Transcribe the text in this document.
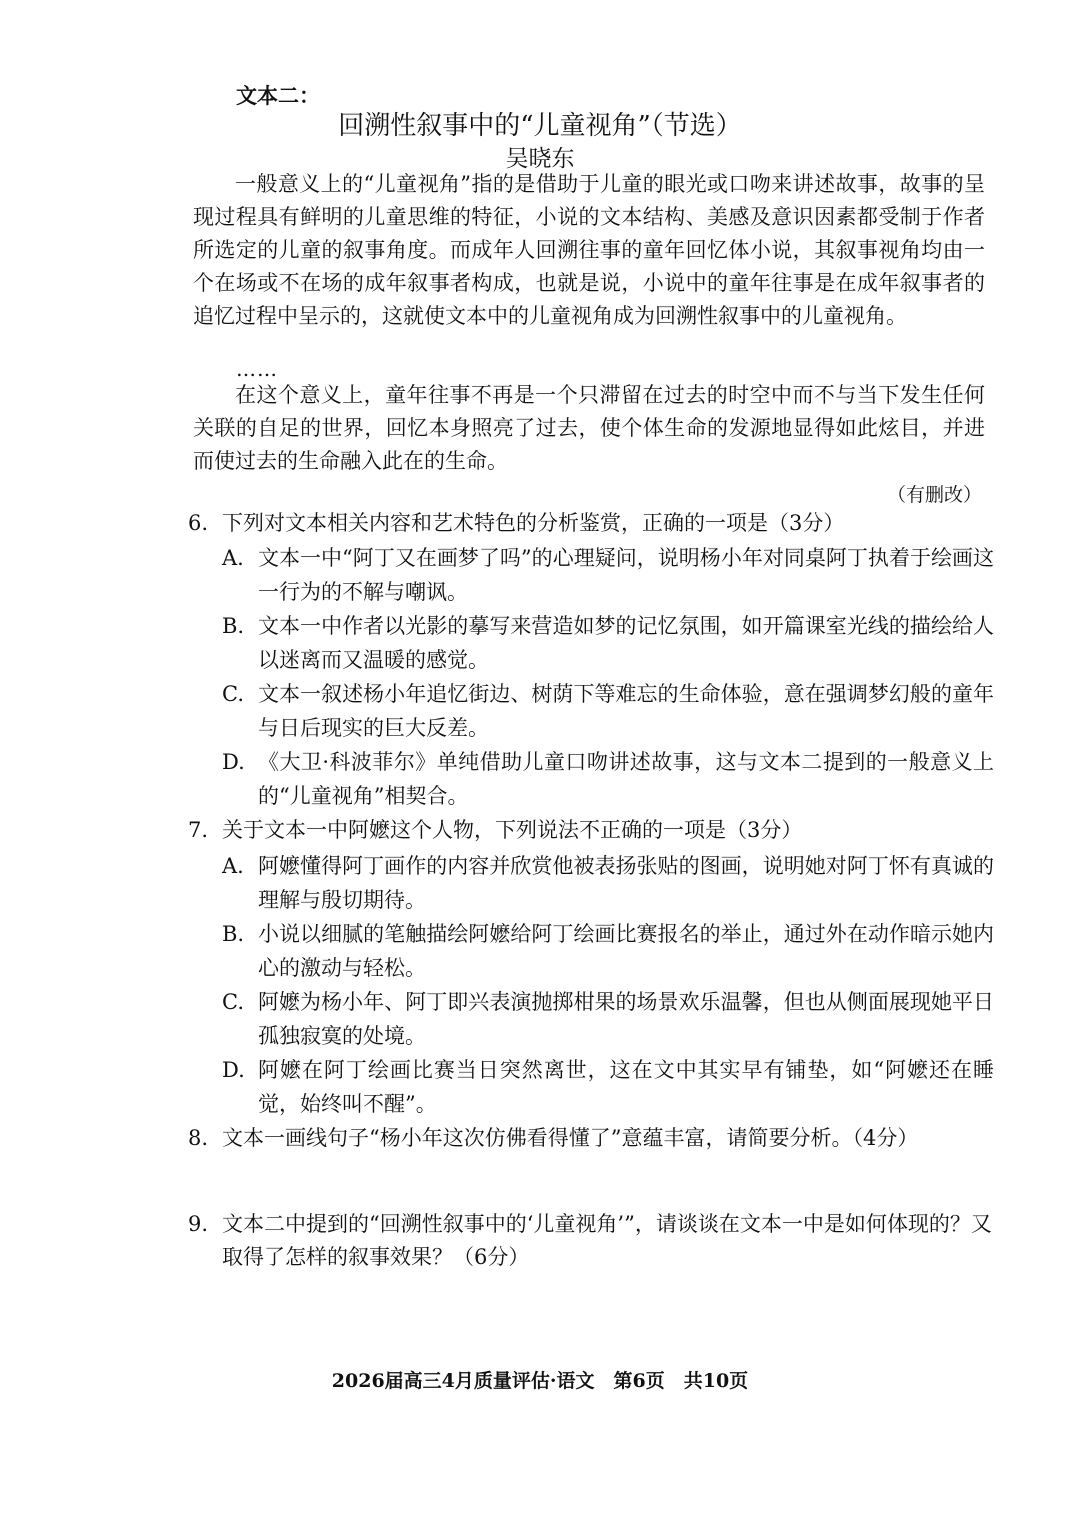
文本二：
回溯性叙事中的“儿童视角”（节选）
吴晓东
一般意义上的“儿童视角”指的是借助于儿童的眼光或口吻来讲述故事，故事的呈现过程具有鲜明的儿童思维的特征，小说的文本结构、美感及意识因素都受制于作者所选定的儿童的叙事角度。而成年人回溯往事的童年回忆体小说，其叙事视角均由一个在场或不在场的成年叙事者构成，也就是说，小说中的童年往事是在成年叙事者的追忆过程中呈示的，这就使文本中的儿童视角成为回溯性叙事中的儿童视角。
……
在这个意义上，童年往事不再是一个只滞留在过去的时空中而不与当下发生任何关联的自足的世界，回忆本身照亮了过去，使个体生命的发源地显得如此炫目，并进而使过去的生命融入此在的生命。
（有删改）
6. 下列对文本相关内容和艺术特色的分析鉴赏，正确的一项是（3分）
A. 文本一中“阿丁又在画梦了吗”的心理疑问，说明杨小年对同桌阿丁执着于绘画这一行为的不解与嘲讽。
B. 文本一中作者以光影的摹写来营造如梦的记忆氛围，如开篇课室光线的描绘给人以迷离而又温暖的感觉。
C. 文本一叙述杨小年追忆街边、树荫下等难忘的生命体验，意在强调梦幻般的童年与日后现实的巨大反差。
D. 《大卫·科波菲尔》单纯借助儿童口吻讲述故事，这与文本二提到的一般意义上的“儿童视角”相契合。
7. 关于文本一中阿嬷这个人物，下列说法不正确的一项是（3分）
A. 阿嬷懂得阿丁画作的内容并欣赏他被表扬张贴的图画，说明她对阿丁怀有真诚的理解与殷切期待。
B. 小说以细腻的笔触描绘阿嬷给阿丁绘画比赛报名的举止，通过外在动作暗示她内心的激动与轻松。
C. 阿嬷为杨小年、阿丁即兴表演抛掷柑果的场景欢乐温馨，但也从侧面展现她平日孤独寂寞的处境。
D. 阿嬷在阿丁绘画比赛当日突然离世，这在文中其实早有铺垫，如“阿嬷还在睡觉，始终叫不醒”。
8. 文本一画线句子“杨小年这次仿佛看得懂了”意蕴丰富，请简要分析。（4分）
9. 文本二中提到的“回溯性叙事中的‘儿童视角’”，请谈谈在文本一中是如何体现的？又取得了怎样的叙事效果？（6分）
2026届高三4月质量评估·语文　第6页　共10页
